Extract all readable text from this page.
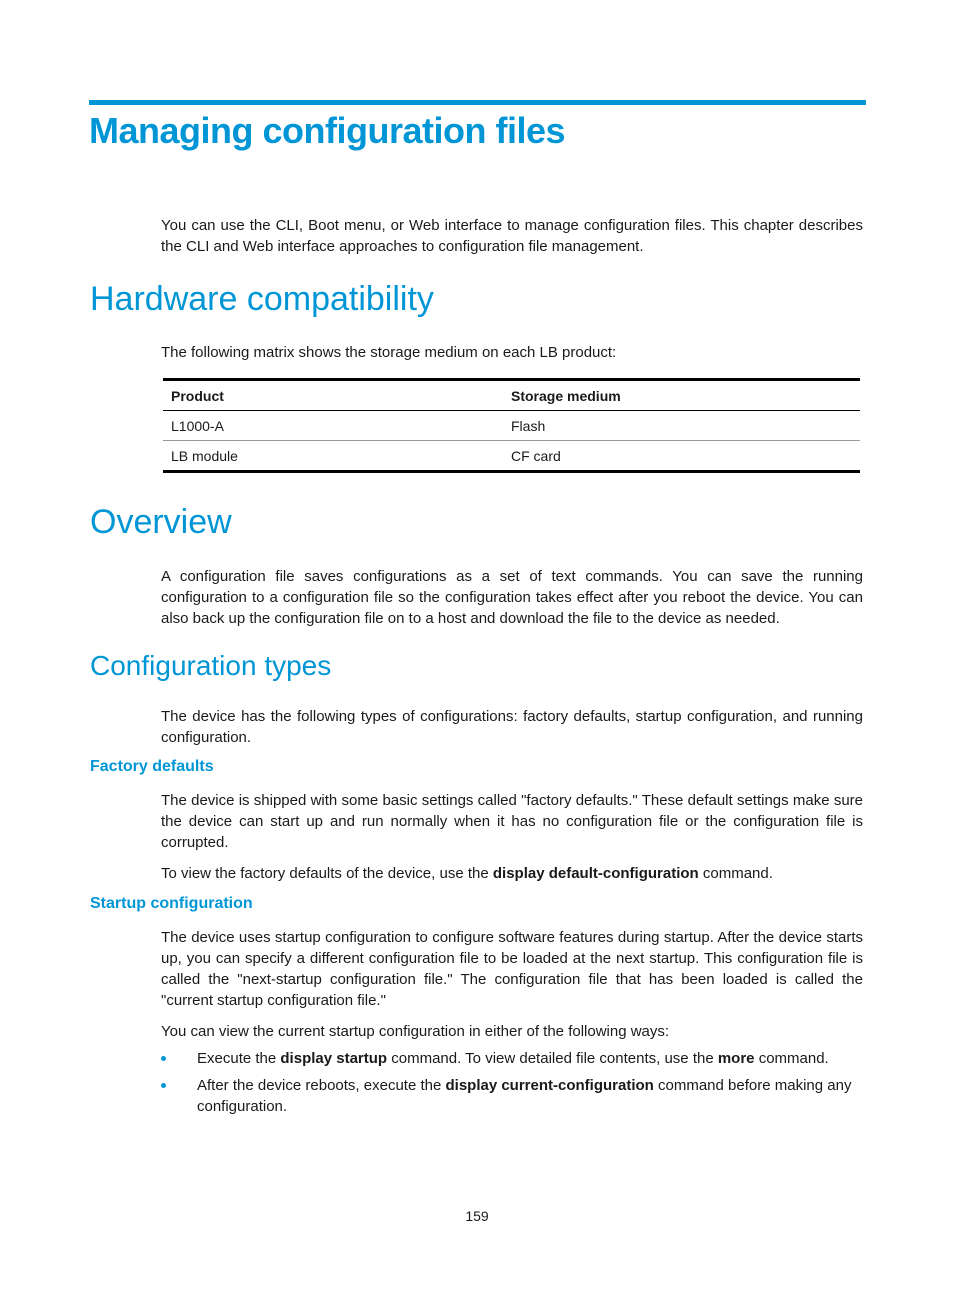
Managing configuration files

You can use the CLI, Boot menu, or Web interface to manage configuration files. This chapter describes the CLI and Web interface approaches to configuration file management.

Hardware compatibility

The following matrix shows the storage medium on each LB product:

Product	Storage medium
L1000-A	Flash
LB module	CF card
Overview

A configuration file saves configurations as a set of text commands. You can save the running configuration to a configuration file so the configuration takes effect after you reboot the device. You can also back up the configuration file on to a host and download the file to the device as needed.

Configuration types

The device has the following types of configurations: factory defaults, startup configuration, and running configuration.

Factory defaults

The device is shipped with some basic settings called "factory defaults." These default settings make sure the device can start up and run normally when it has no configuration file or the configuration file is corrupted.

To view the factory defaults of the device, use the display default-configuration command.

Startup configuration

The device uses startup configuration to configure software features during startup. After the device starts up, you can specify a different configuration file to be loaded at the next startup. This configuration file is called the "next-startup configuration file." The configuration file that has been loaded is called the "current startup configuration file."

You can view the current startup configuration in either of the following ways:

Execute the display startup command. To view detailed file contents, use the more command.
After the device reboots, execute the display current-configuration command before making any configuration.
159
